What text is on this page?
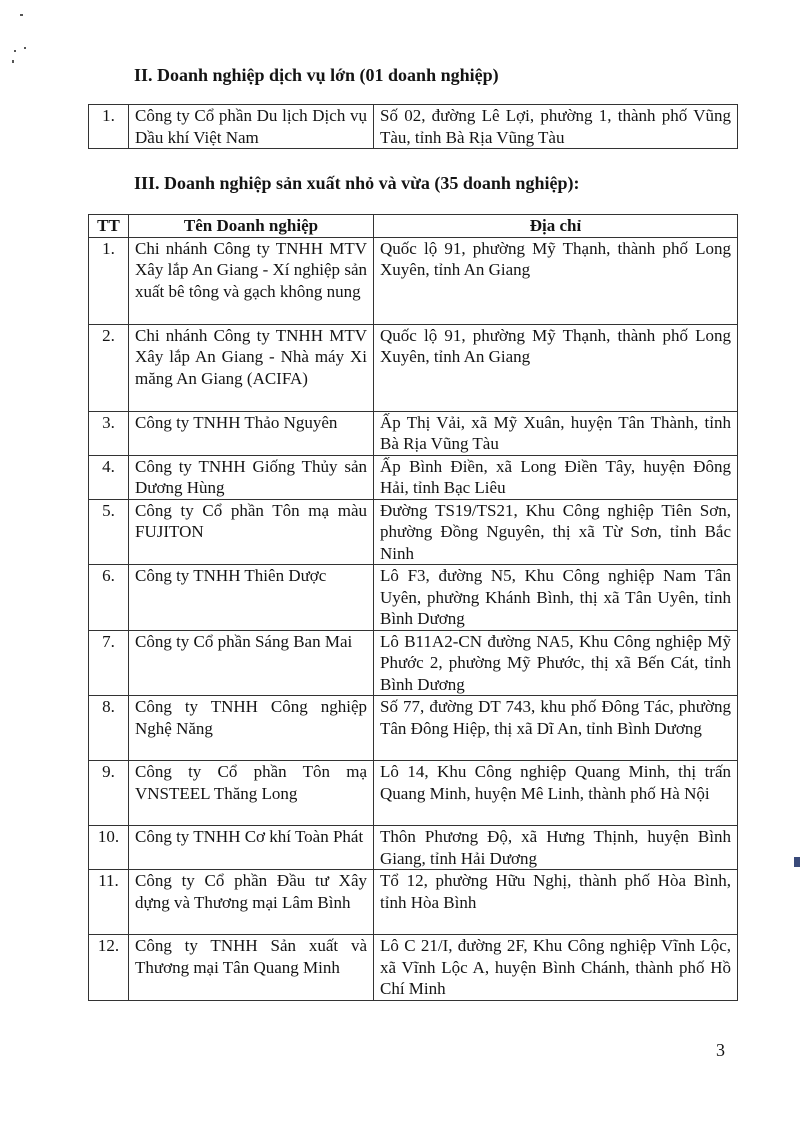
II. Doanh nghiệp dịch vụ lớn (01 doanh nghiệp)
1.	Công ty Cổ phần Du lịch Dịch vụ Dầu khí Việt Nam	Số 02, đường Lê Lợi, phường 1, thành phố Vũng Tàu, tỉnh Bà Rịa Vũng Tàu
III. Doanh nghiệp sản xuất nhỏ và vừa (35 doanh nghiệp):
TT	Tên Doanh nghiệp	Địa chỉ
1.	Chi nhánh Công ty TNHH MTV Xây lắp An Giang - Xí nghiệp sản xuất bê tông và gạch không nung	Quốc lộ 91, phường Mỹ Thạnh, thành phố Long Xuyên, tỉnh An Giang
2.	Chi nhánh Công ty TNHH MTV Xây lắp An Giang - Nhà máy Xi măng An Giang (ACIFA)	Quốc lộ 91, phường Mỹ Thạnh, thành phố Long Xuyên, tỉnh An Giang
3.	Công ty TNHH Thảo Nguyên	Ấp Thị Vải, xã Mỹ Xuân, huyện Tân Thành, tỉnh Bà Rịa Vũng Tàu
4.	Công ty TNHH Giống Thủy sản Dương Hùng	Ấp Bình Điền, xã Long Điền Tây, huyện Đông Hải, tỉnh Bạc Liêu
5.	Công ty Cổ phần Tôn mạ màu FUJITON	Đường TS19/TS21, Khu Công nghiệp Tiên Sơn, phường Đồng Nguyên, thị xã Từ Sơn, tỉnh Bắc Ninh
6.	Công ty TNHH Thiên Dược	Lô F3, đường N5, Khu Công nghiệp Nam Tân Uyên, phường Khánh Bình, thị xã Tân Uyên, tỉnh Bình Dương
7.	Công ty Cổ phần Sáng Ban Mai	Lô B11A2-CN đường NA5, Khu Công nghiệp Mỹ Phước 2, phường Mỹ Phước, thị xã Bến Cát, tỉnh Bình Dương
8.	Công ty TNHH Công nghiệp Nghệ Năng	Số 77, đường DT 743, khu phố Đông Tác, phường Tân Đông Hiệp, thị xã Dĩ An, tỉnh Bình Dương
9.	Công ty Cổ phần Tôn mạ VNSTEEL Thăng Long	Lô 14, Khu Công nghiệp Quang Minh, thị trấn Quang Minh, huyện Mê Linh, thành phố Hà Nội
10.	Công ty TNHH Cơ khí Toàn Phát	Thôn Phương Độ, xã Hưng Thịnh, huyện Bình Giang, tỉnh Hải Dương
11.	Công ty Cổ phần Đầu tư Xây dựng và Thương mại Lâm Bình	Tổ 12, phường Hữu Nghị, thành phố Hòa Bình, tỉnh Hòa Bình
12.	Công ty TNHH Sản xuất và Thương mại Tân Quang Minh	Lô C 21/I, đường 2F, Khu Công nghiệp Vĩnh Lộc, xã Vĩnh Lộc A, huyện Bình Chánh, thành phố Hồ Chí Minh
3
